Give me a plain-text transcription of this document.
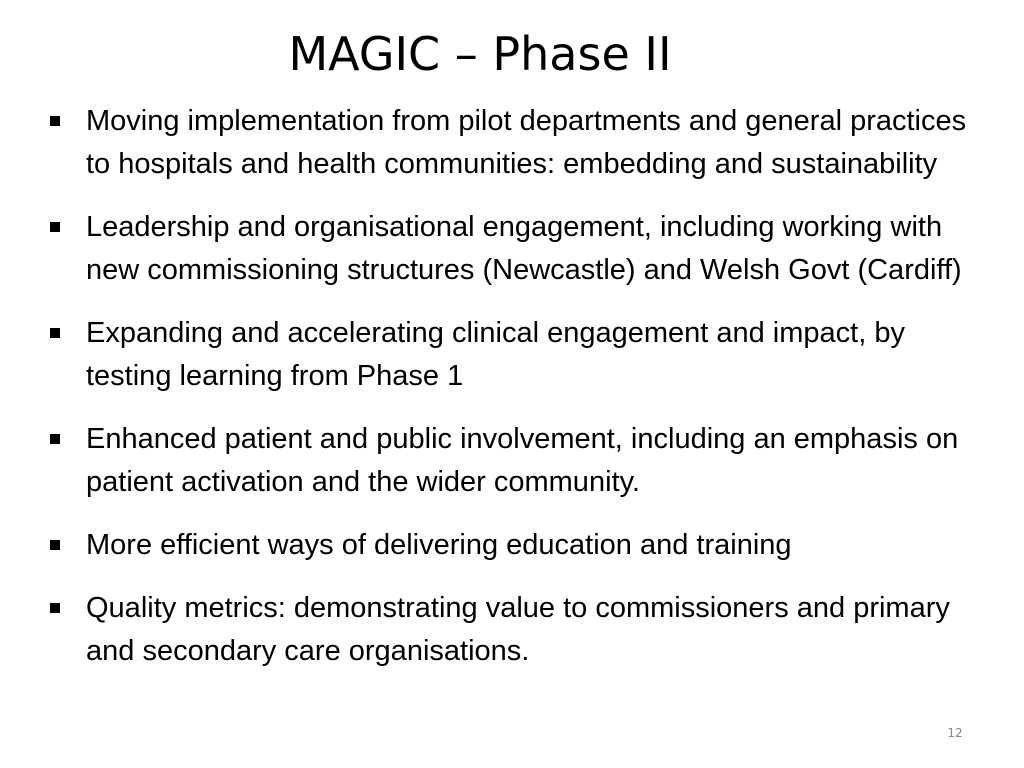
MAGIC – Phase II
Moving implementation from pilot departments and general practices to hospitals and health communities: embedding and sustainability
Leadership and organisational engagement, including working with new commissioning structures (Newcastle) and Welsh Govt (Cardiff)
Expanding and accelerating clinical engagement and impact, by testing learning from Phase 1
Enhanced patient and public involvement, including an emphasis on patient activation and the wider community.
More efficient ways of delivering education and training
Quality metrics: demonstrating value to commissioners and primary and secondary care organisations.
12
